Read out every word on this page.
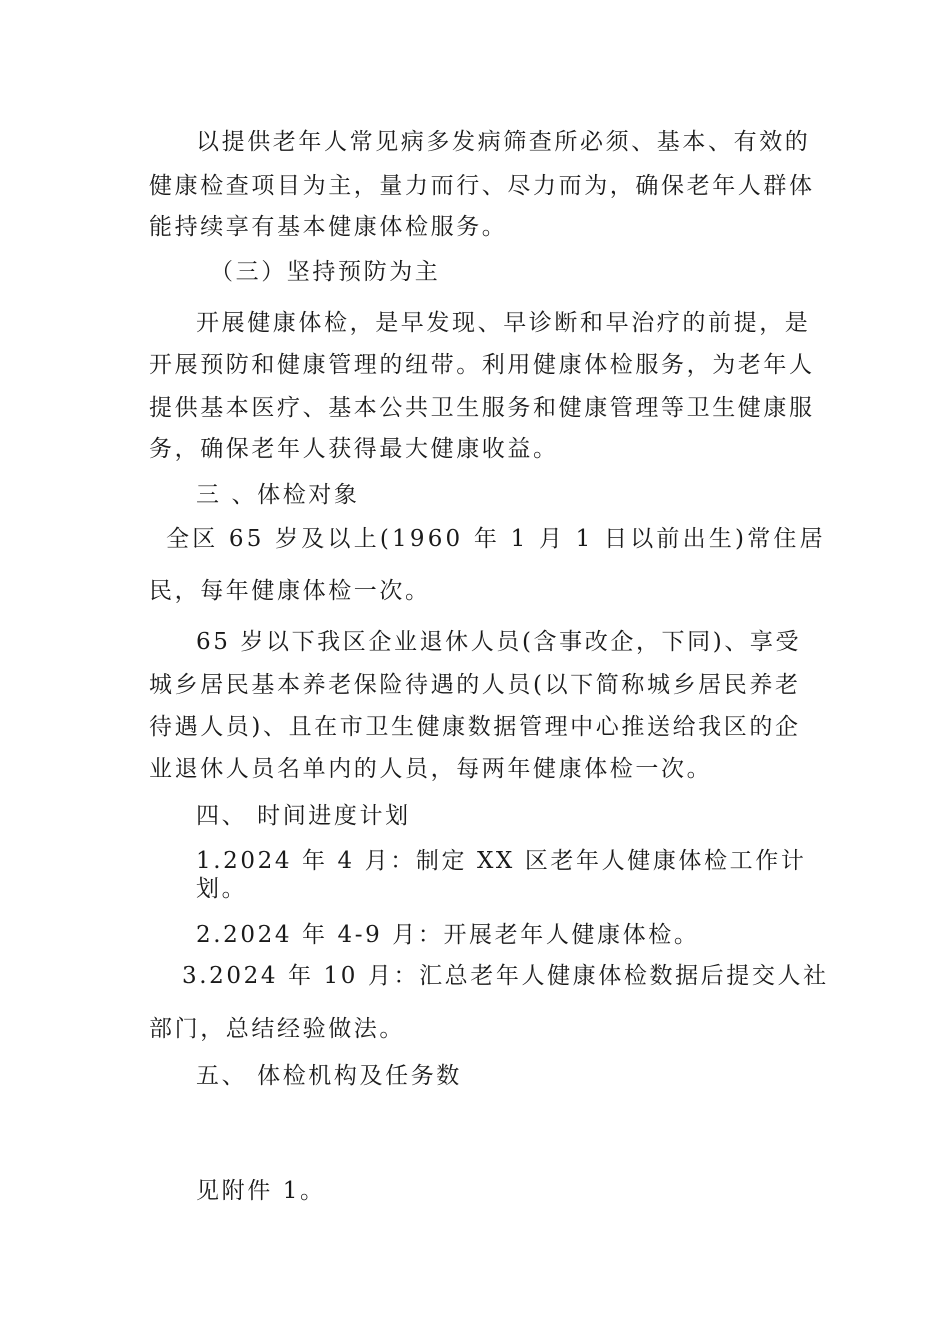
以提供老年人常见病多发病筛查所必须、基本、有效的
健康检查项目为主，量力而行、尽力而为，确保老年人群体
能持续享有基本健康体检服务。
（三）坚持预防为主
开展健康体检，是早发现、早诊断和早治疗的前提，是
开展预防和健康管理的纽带。利用健康体检服务，为老年人
提供基本医疗、基本公共卫生服务和健康管理等卫生健康服
务，确保老年人获得最大健康收益。
三 、体检对象
全区 65 岁及以上(1960 年 1 月 1 日以前出生)常住居
民，每年健康体检一次。
65 岁以下我区企业退休人员(含事改企，下同)、享受
城乡居民基本养老保险待遇的人员(以下简称城乡居民养老
待遇人员)、且在市卫生健康数据管理中心推送给我区的企
业退休人员名单内的人员，每两年健康体检一次。
四、 时间进度计划
1.2024 年 4 月：制定 XX 区老年人健康体检工作计
划。
2.2024 年 4-9 月：开展老年人健康体检。
3.2024 年 10 月：汇总老年人健康体检数据后提交人社
部门，总结经验做法。
五、 体检机构及任务数
见附件 1。
